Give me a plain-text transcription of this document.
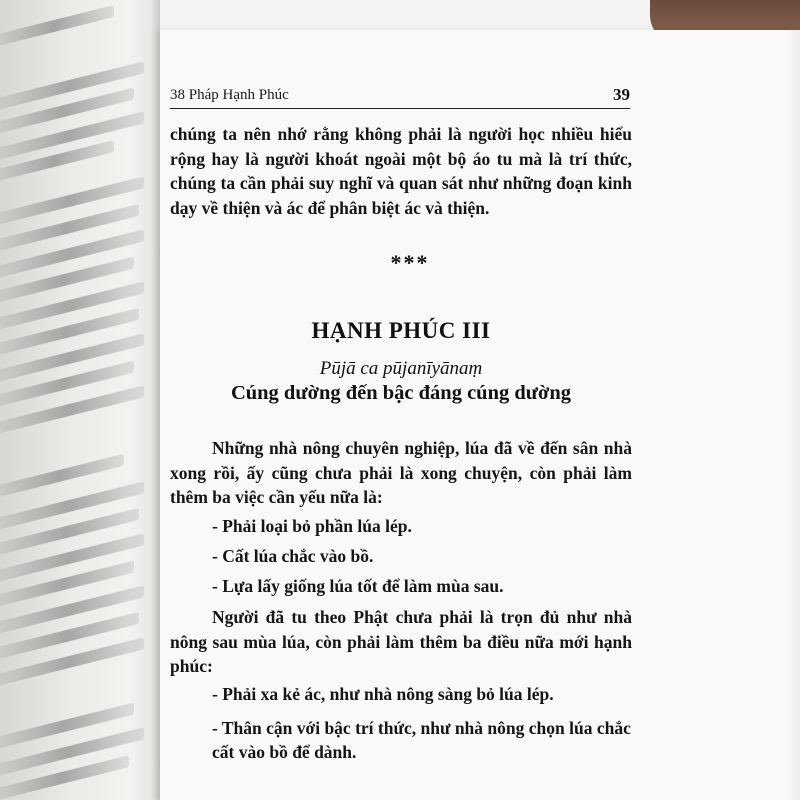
38 Pháp Hạnh Phúc	39
chúng ta nên nhớ rằng không phải là người học nhiều hiểu rộng hay là người khoát ngoài một bộ áo tu mà là trí thức, chúng ta cần phải suy nghĩ và quan sát như những đoạn kinh dạy về thiện và ác để phân biệt ác và thiện.
***
HẠNH PHÚC III
Pūjā ca pūjanīyānaṃ
Cúng dường đến bậc đáng cúng dường
Những nhà nông chuyên nghiệp, lúa đã về đến sân nhà xong rồi, ấy cũng chưa phải là xong chuyện, còn phải làm thêm ba việc cần yếu nữa là:
- Phải loại bỏ phần lúa lép.
- Cất lúa chắc vào bồ.
- Lựa lấy giống lúa tốt để làm mùa sau.
Người đã tu theo Phật chưa phải là trọn đủ như nhà nông sau mùa lúa, còn phải làm thêm ba điều nữa mới hạnh phúc:
- Phải xa kẻ ác, như nhà nông sàng bỏ lúa lép.
- Thân cận với bậc trí thức, như nhà nông chọn lúa chắc cất vào bồ để dành.
